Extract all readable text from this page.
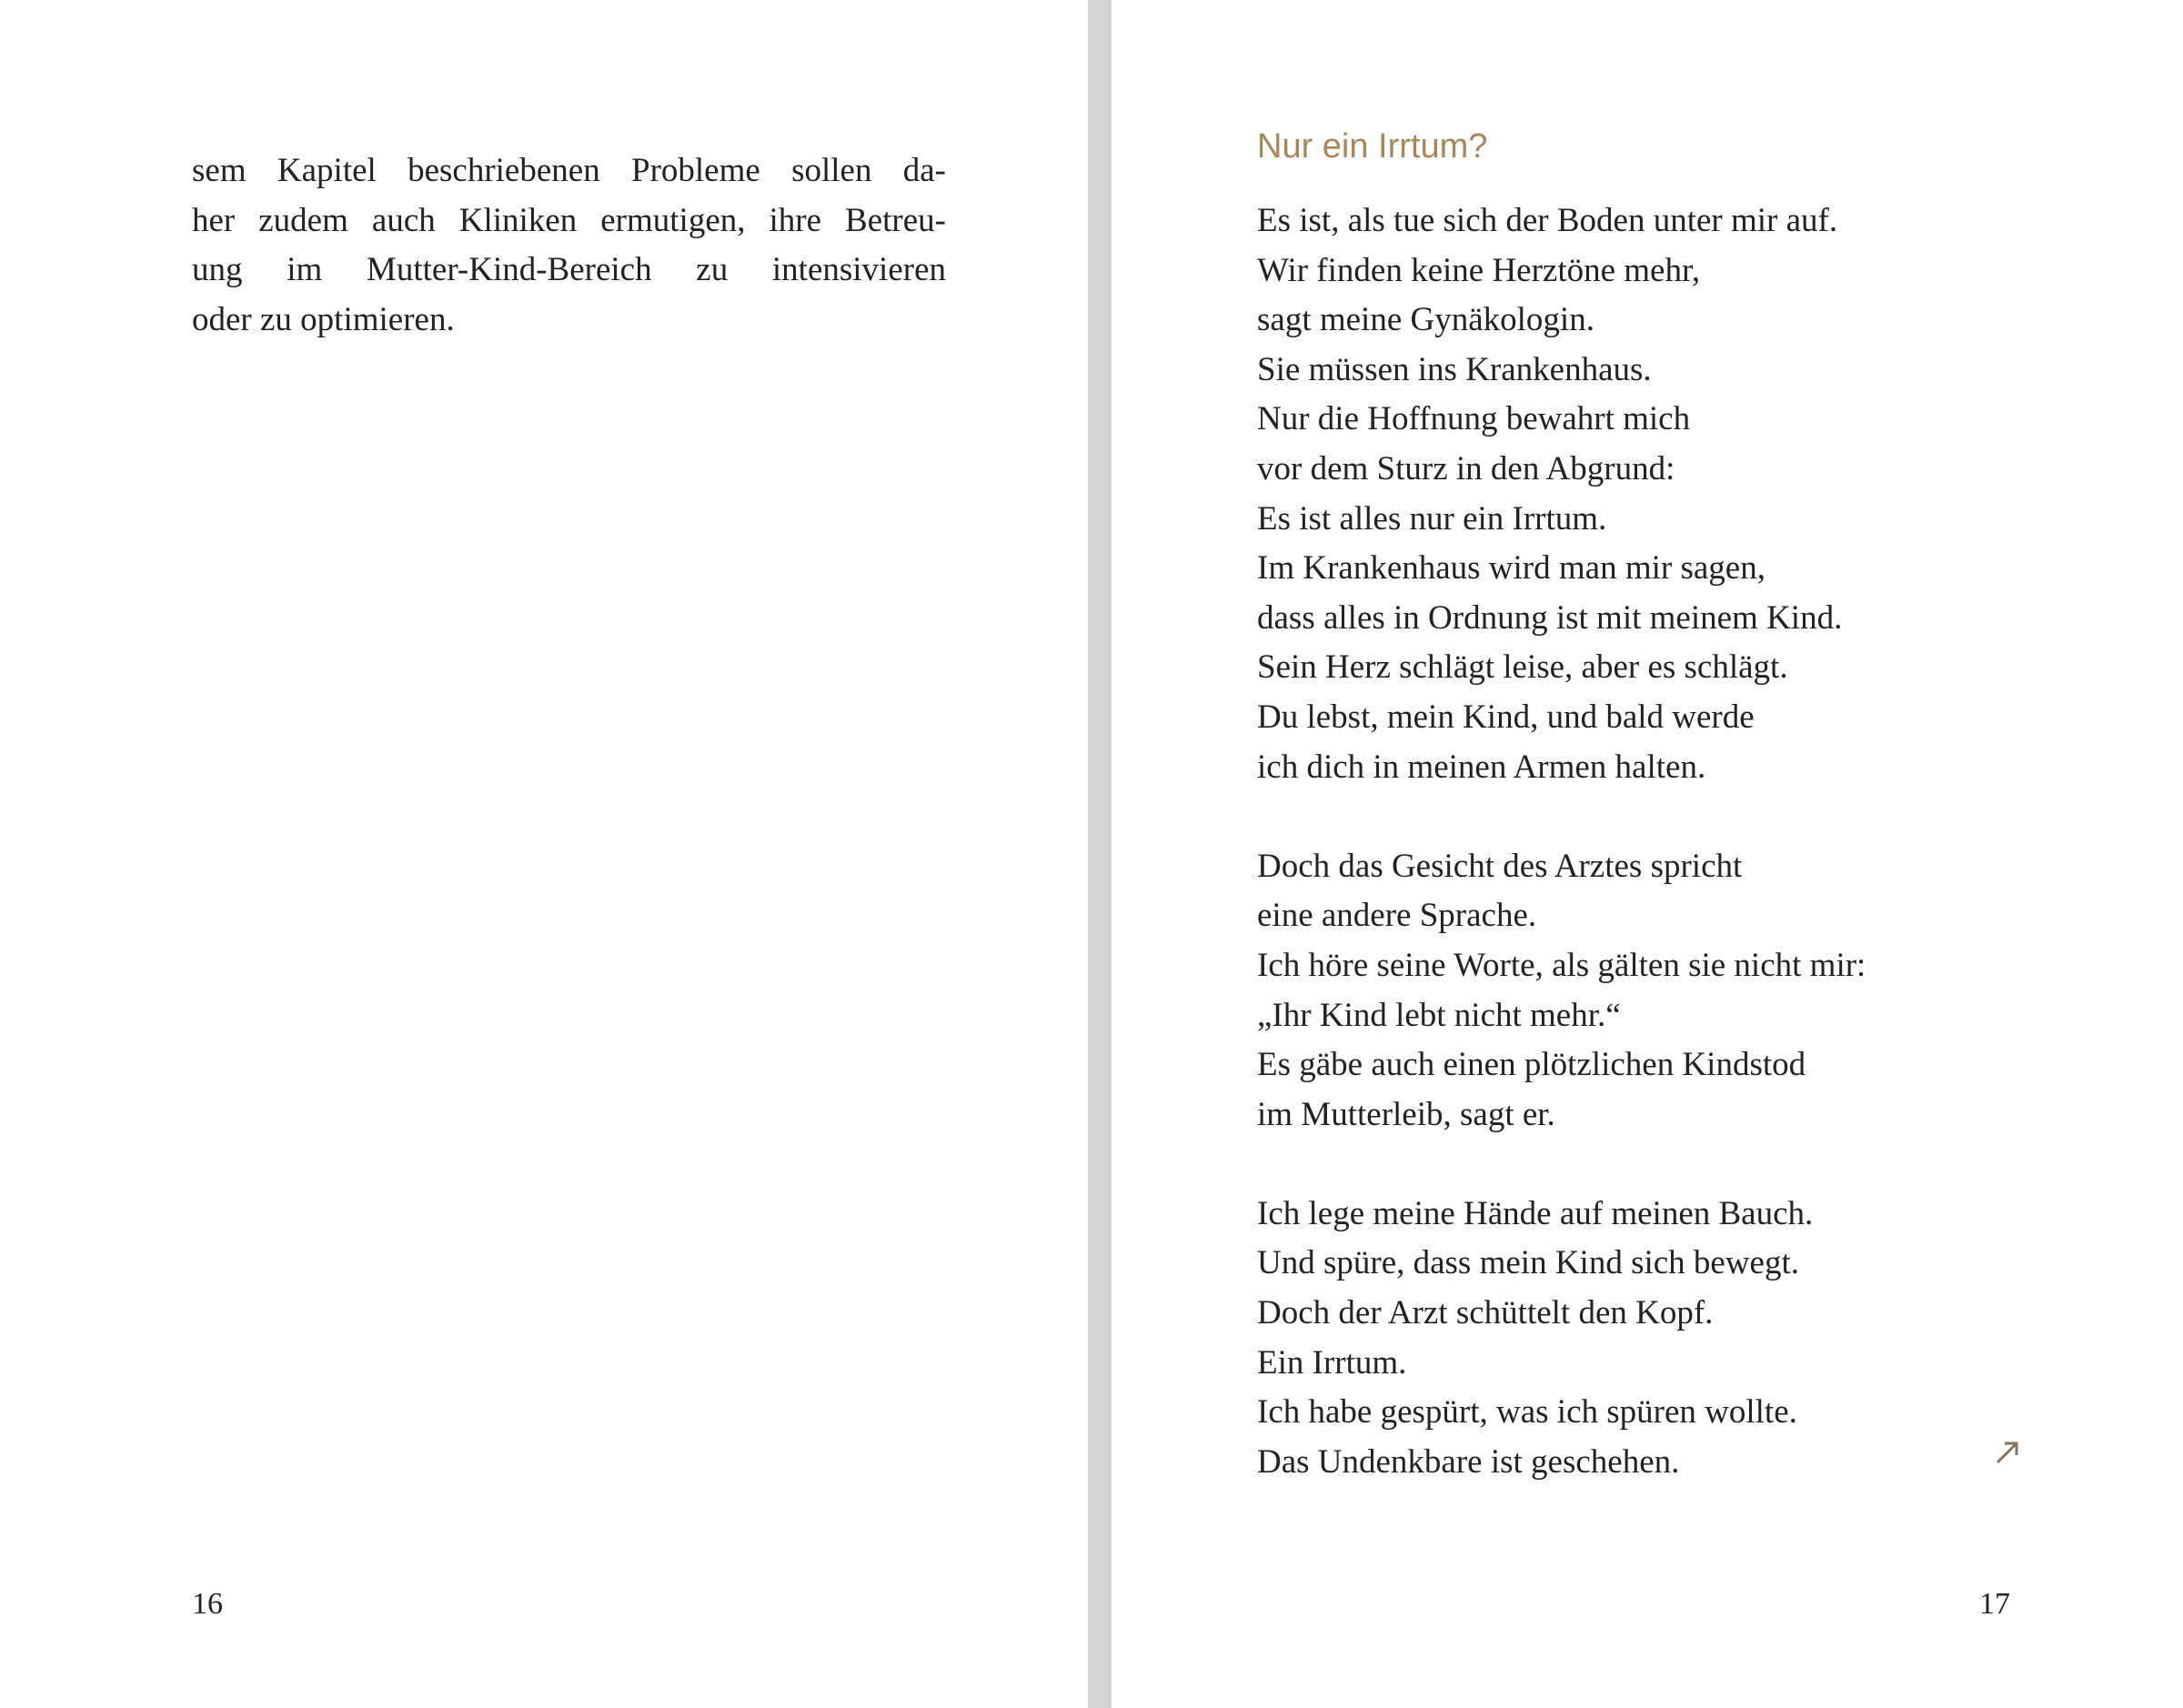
sem Kapitel beschriebenen Probleme sollen da-
her zudem auch Kliniken ermutigen, ihre Betreu-
ung im Mutter-Kind-Bereich zu intensivieren
oder zu optimieren.
16
Nur ein Irrtum?
Es ist, als tue sich der Boden unter mir auf.
Wir finden keine Herztöne mehr,
sagt meine Gynäkologin.
Sie müssen ins Krankenhaus.
Nur die Hoffnung bewahrt mich
vor dem Sturz in den Abgrund:
Es ist alles nur ein Irrtum.
Im Krankenhaus wird man mir sagen,
dass alles in Ordnung ist mit meinem Kind.
Sein Herz schlägt leise, aber es schlägt.
Du lebst, mein Kind, und bald werde
ich dich in meinen Armen halten.
Doch das Gesicht des Arztes spricht
eine andere Sprache.
Ich höre seine Worte, als gälten sie nicht mir:
„Ihr Kind lebt nicht mehr.“
Es gäbe auch einen plötzlichen Kindstod
im Mutterleib, sagt er.
Ich lege meine Hände auf meinen Bauch.
Und spüre, dass mein Kind sich bewegt.
Doch der Arzt schüttelt den Kopf.
Ein Irrtum.
Ich habe gespürt, was ich spüren wollte.
Das Undenkbare ist geschehen.
17
